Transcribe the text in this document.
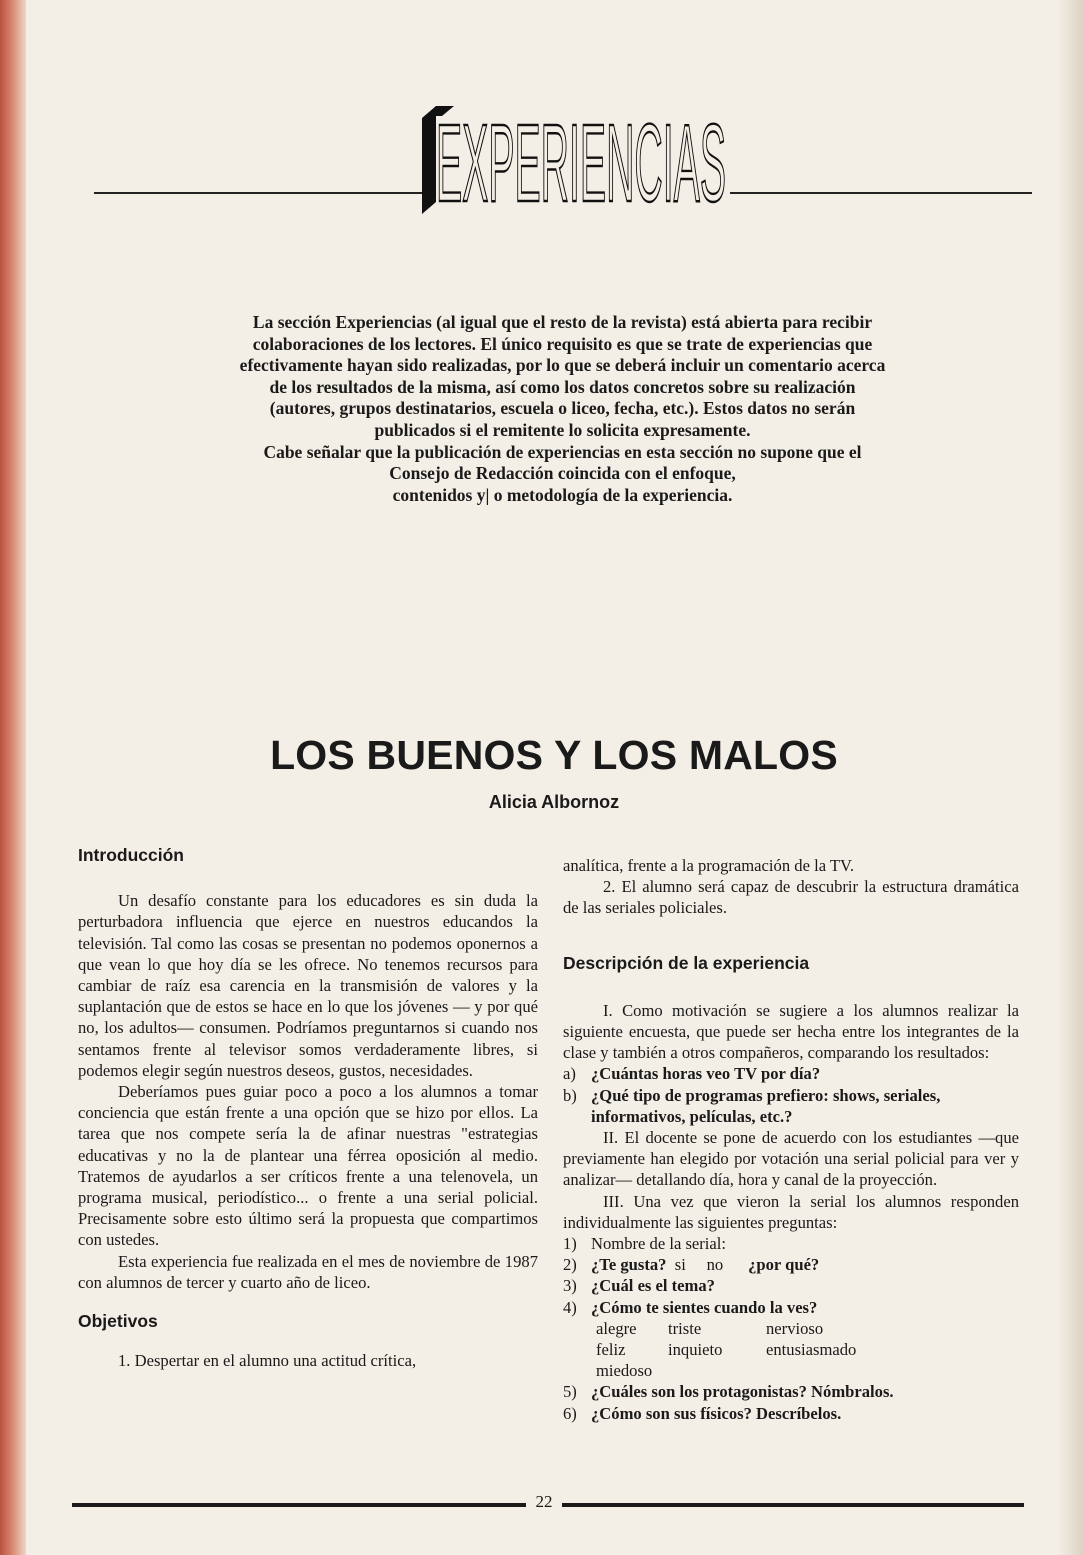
EXPERIENCIAS

La sección Experiencias (al igual que el resto de la revista) está abierta para recibir

colaboraciones de los lectores. El único requisito es que se trate de experiencias que

efectivamente hayan sido realizadas, por lo que se deberá incluir un comentario acerca

de los resultados de la misma, así como los datos concretos sobre su realización

(autores, grupos destinatarios, escuela o liceo, fecha, etc.). Estos datos no serán

publicados si el remitente lo solicita expresamente.

Cabe señalar que la publicación de experiencias en esta sección no supone que el

Consejo de Redacción coincida con el enfoque,

contenidos y| o metodología de la experiencia.

LOS BUENOS Y LOS MALOS
Alicia Albornoz
Introducción

Un desafío constante para los educadores es sin duda la perturbadora influencia que ejerce en nuestros educandos la televisión. Tal como las cosas se presentan no podemos oponernos a que vean lo que hoy día se les ofrece. No tenemos recursos para cambiar de raíz esa carencia en la transmisión de valores y la suplantación que de estos se hace en lo que los jóvenes — y por qué no, los adultos— consumen. Podríamos preguntarnos si cuando nos sentamos frente al televisor somos verdaderamente libres, si podemos elegir según nuestros deseos, gustos, necesidades.

Deberíamos pues guiar poco a poco a los alumnos a tomar conciencia que están frente a una opción que se hizo por ellos. La tarea que nos compete sería la de afinar nuestras "estrategias educativas y no la de plantear una férrea oposición al medio. Tratemos de ayudarlos a ser críticos frente a una telenovela, un programa musical, periodístico... o frente a una serial policial. Precisamente sobre esto último será la propuesta que compartimos con ustedes.

Esta experiencia fue realizada en el mes de noviembre de 1987 con alumnos de tercer y cuarto año de liceo.

Objetivos

1. Despertar en el alumno una actitud crítica,

analítica, frente a la programación de la TV.

2. El alumno será capaz de descubrir la estructura dramática de las seriales policiales.

Descripción de la experiencia

I. Como motivación se sugiere a los alumnos realizar la siguiente encuesta, que puede ser hecha entre los integrantes de la clase y también a otros compañeros, comparando los resultados:

a) ¿Cuántas horas veo TV por día?
b) ¿Qué tipo de programas prefiero: shows, seriales, informativos, películas, etc.?

II. El docente se pone de acuerdo con los estudiantes —que previamente han elegido por votación una serial policial para ver y analizar— detallando día, hora y canal de la proyección.

III. Una vez que vieron la serial los alumnos responden individualmente las siguientes preguntas:

1) Nombre de la serial:
2) ¿Te gusta?
si
no
¿por qué?
3) ¿Cuál es el tema?
4) ¿Cómo te sientes cuando la ves?
alegre	triste	nervioso
feliz	inquieto	entusiasmado
miedoso
5) ¿Cuáles son los protagonistas? Nómbralos.
6) ¿Cómo son sus físicos? Descríbelos.
22
